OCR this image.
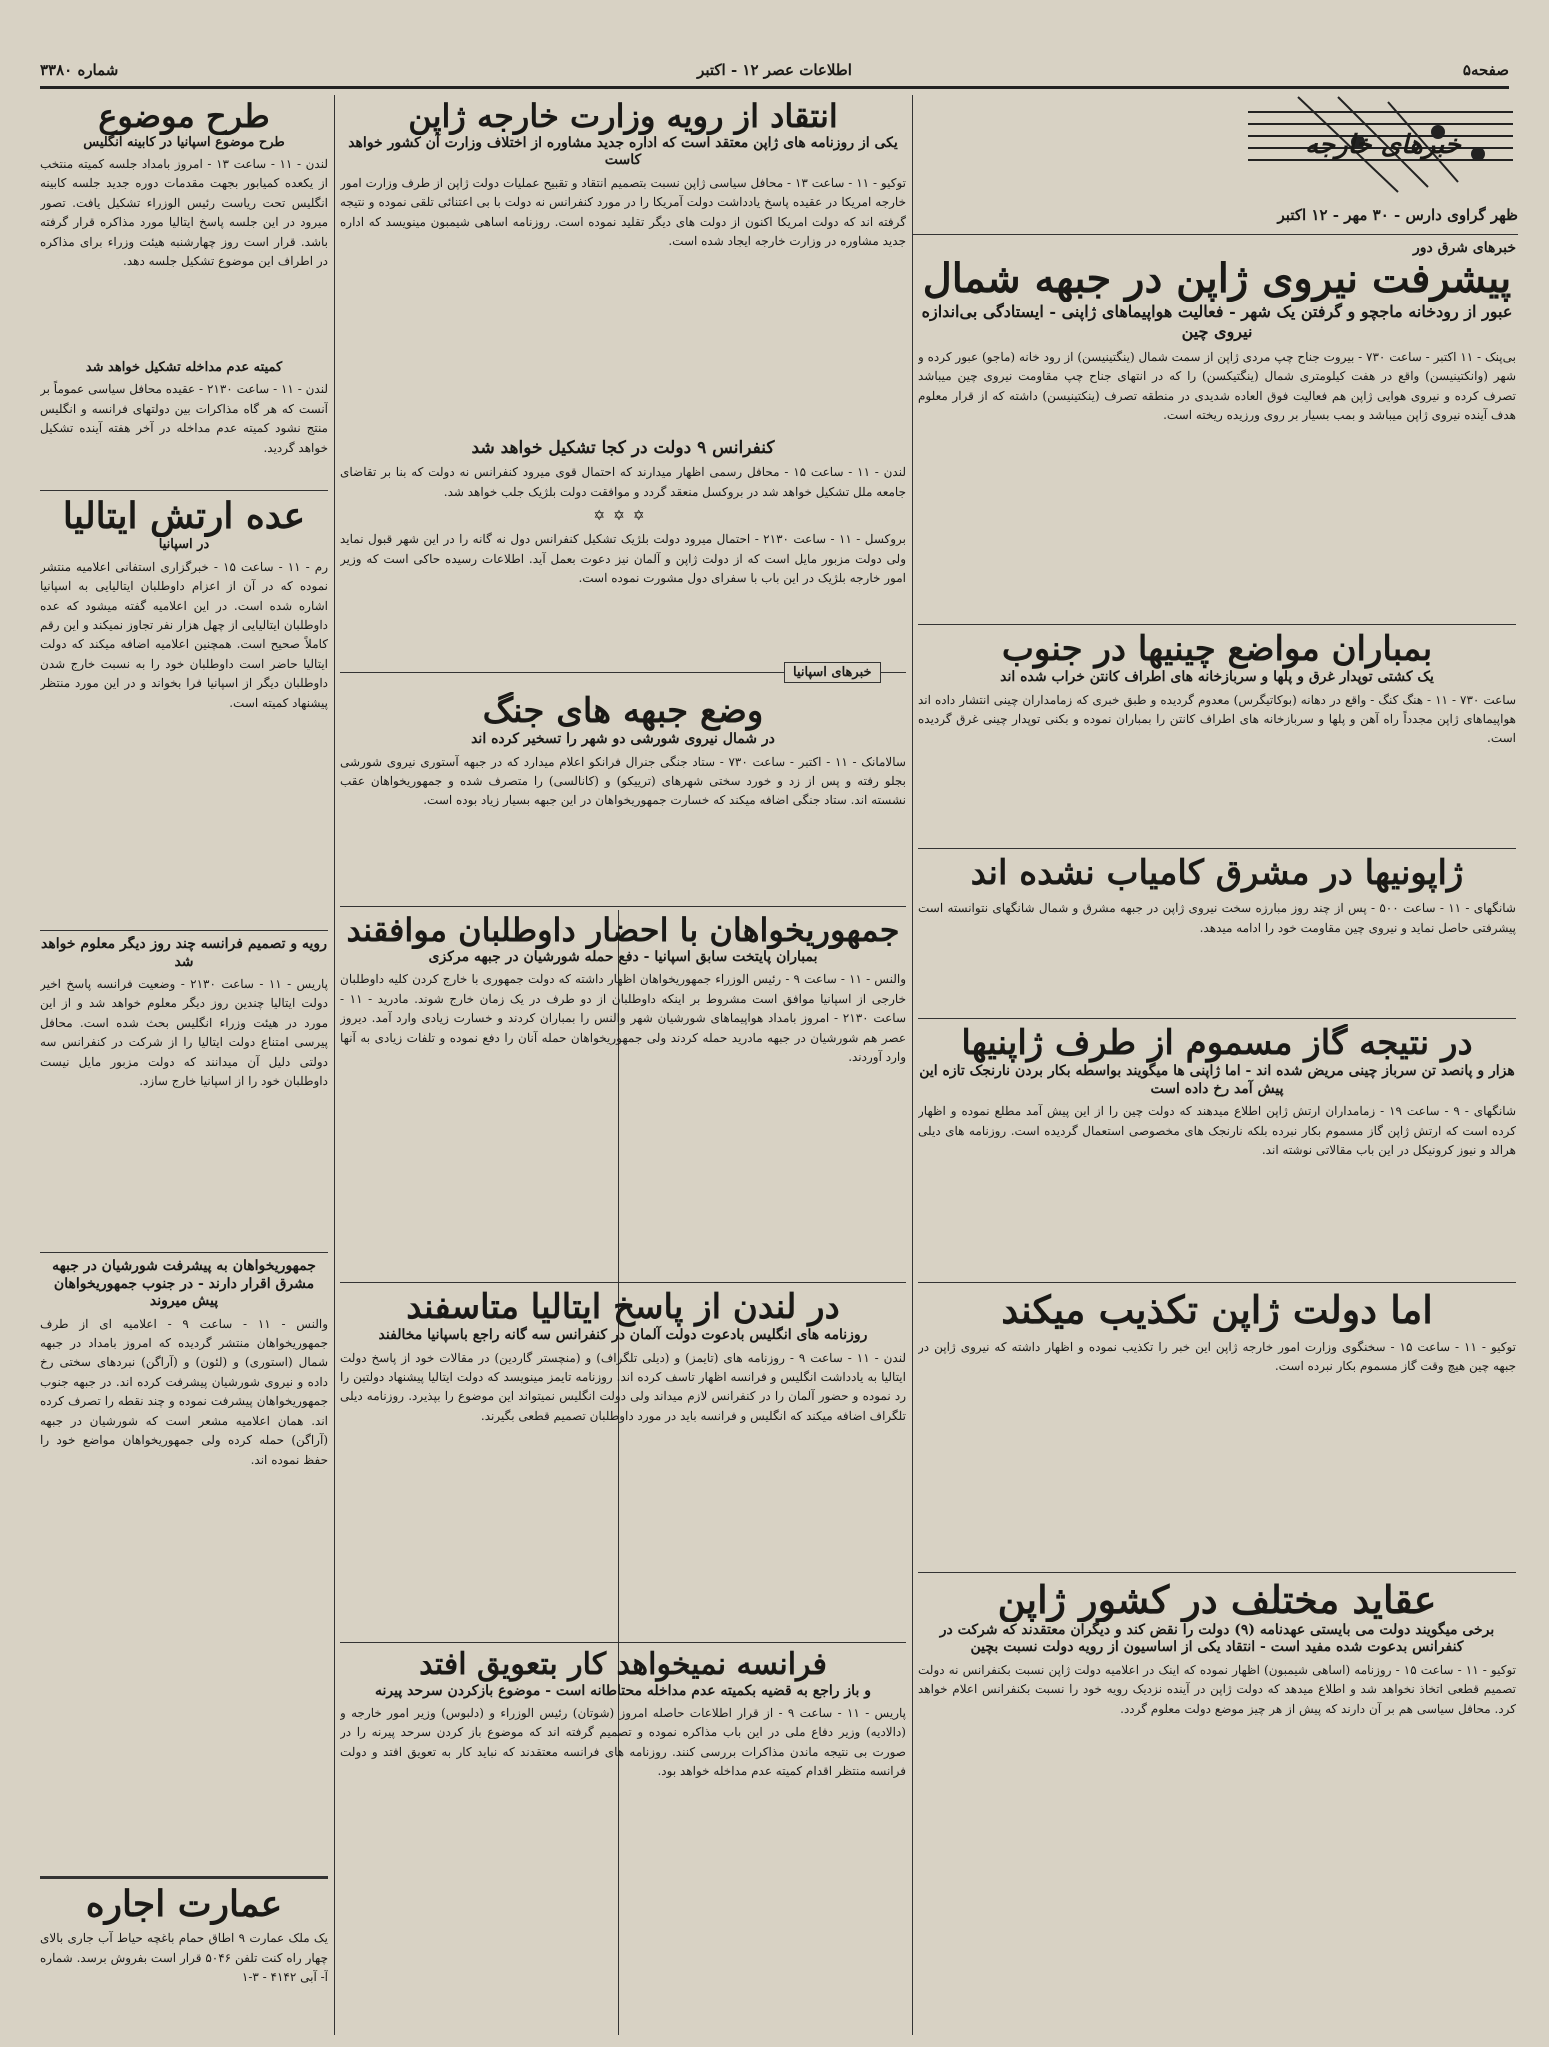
صفحه۵
اطلاعات عصر ۱۲ - اکتبر
شماره ۳۳۸۰
خبرهای خارجه
ظهر گراوی دارس - ۳۰ مهر - ۱۲ اکتبر
خبرهای شرق دور
پیشرفت نیروی ژاپن در جبهه شمال
عبور از رودخانه ماجچو و گرفتن یک شهر - فعالیت هواپیماهای ژاپنی - ایستادگی بی‌اندازه نیروی چین
بی‌پنک - ۱۱ اکتبر - ساعت ۷۳۰ - بیروت جناح چپ مردی ژاپن از سمت شمال (ینگتینیسن) از رود خانه (ماجو) عبور کرده و شهر (وانکتینیسن) واقع در هفت کیلومتری شمال (ینگتیکسن) را که در انتهای جناح چپ مقاومت نیروی چین میباشد تصرف کرده و نیروی هوایی ژاپن هم فعالیت فوق العاده شدیدی در منطقه تصرف (ینکتینیسن) داشته که از قرار معلوم هدف آینده نیروی ژاپن میباشد و بمب بسیار بر روی ورزیده ریخته است.
بمباران مواضع چینیها در جنوب
یک کشتی توپدار غرق و پلها و سربازخانه های اطراف کانتن خراب شده اند
ساعت ۷۳۰ - ۱۱ - هنگ کنگ - واقع در دهانه (بوکاتیگرس) معدوم گردیده و طبق خبری که زمامداران چینی انتشار داده اند هواپیماهای ژاپن مجدداً راه آهن و پلها و سربازخانه های اطراف کانتن را بمباران نموده و بکنی توپدار چینی غرق گردیده است.
ژاپونیها در مشرق کامیاب نشده اند
شانگهای - ۱۱ - ساعت ۵۰۰ - پس از چند روز مبارزه سخت نیروی ژاپن در جبهه مشرق و شمال شانگهای نتوانسته است پیشرفتی حاصل نماید و نیروی چین مقاومت خود را ادامه میدهد.
در نتیجه گاز مسموم از طرف ژاپنیها
هزار و پانصد تن سرباز چینی مریض شده اند - اما ژاپنی ها میگویند بواسطه بکار بردن نارنجک تازه این پیش آمد رخ داده است
شانگهای - ۹ - ساعت ۱۹ - زمامداران ارتش ژاپن اطلاع میدهند که دولت چین را از این پیش آمد مطلع نموده و اظهار کرده است که ارتش ژاپن گاز مسموم بکار نبرده بلکه نارنجک های مخصوصی استعمال گردیده است. روزنامه های دیلی هرالد و نیوز کرونیکل در این باب مقالاتی نوشته اند.
اما دولت ژاپن تکذیب میکند
توکیو - ۱۱ - ساعت ۱۵ - سخنگوی وزارت امور خارجه ژاپن این خبر را تکذیب نموده و اظهار داشته که نیروی ژاپن در جبهه چین هیچ وقت گاز مسموم بکار نبرده است.
عقاید مختلف در کشور ژاپن
برخی میگویند دولت می بایستی عهدنامه (۹) دولت را نقض کند و دیگران معتقدند که شرکت در کنفرانس بدعوت شده مفید است - انتقاد یکی از اساسیون از رویه دولت نسبت بچین
توکیو - ۱۱ - ساعت ۱۵ - روزنامه (اساهی شیمبون) اظهار نموده که اینک در اعلامیه دولت ژاپن نسبت بکنفرانس نه دولت تصمیم قطعی اتخاذ نخواهد شد و اطلاع میدهد که دولت ژاپن در آینده نزدیک رویه خود را نسبت بکنفرانس اعلام خواهد کرد. محافل سیاسی هم بر آن دارند که پیش از هر چیز موضع دولت معلوم گردد.
انتقاد از رویه وزارت خارجه ژاپن
یکی از روزنامه های ژاپن معتقد است که اداره جدید مشاوره از اختلاف وزارت آن کشور خواهد کاست
توکیو - ۱۱ - ساعت ۱۳ - محافل سیاسی ژاپن نسبت بتصمیم انتقاد و تقبیح عملیات دولت ژاپن از طرف وزارت امور خارجه امریکا در عقیده پاسخ یادداشت دولت آمریکا را در مورد کنفرانس نه دولت با بی اعتنائی تلقی نموده و نتیجه گرفته اند که دولت امریکا اکنون از دولت های دیگر تقلید نموده است. روزنامه اساهی شیمبون مینویسد که اداره جدید مشاوره در وزارت خارجه ایجاد شده است.
کنفرانس ۹ دولت در کجا تشکیل خواهد شد
لندن - ۱۱ - ساعت ۱۵ - محافل رسمی اظهار میدارند که احتمال قوی میرود کنفرانس نه دولت که بنا بر تقاضای جامعه ملل تشکیل خواهد شد در بروکسل منعقد گردد و موافقت دولت بلژیک جلب خواهد شد.
✡✡✡
بروکسل - ۱۱ - ساعت ۲۱۳۰ - احتمال میرود دولت بلژیک تشکیل کنفرانس دول نه گانه را در این شهر قبول نماید ولی دولت مزبور مایل است که از دولت ژاپن و آلمان نیز دعوت بعمل آید. اطلاعات رسیده حاکی است که وزیر امور خارجه بلژیک در این باب با سفرای دول مشورت نموده است.
خبرهای اسپانیا
وضع جبهه های جنگ
در شمال نیروی شورشی دو شهر را تسخیر کرده اند
سالامانک - ۱۱ - اکتبر - ساعت ۷۳۰ - ستاد جنگی جنرال فرانکو اعلام میدارد که در جبهه آستوری نیروی شورشی بجلو رفته و پس از زد و خورد سختی شهرهای (ترییکو) و (کانالسی) را متصرف شده و جمهوریخواهان عقب نشسته اند. ستاد جنگی اضافه میکند که خسارت جمهوریخواهان در این جبهه بسیار زیاد بوده است.
جمهوریخواهان با احضار داوطلبان موافقند
بمباران پایتخت سابق اسپانیا - دفع حمله شورشیان در جبهه مرکزی
والنس - ۱۱ - ساعت ۹ - رئیس الوزراء جمهوریخواهان اظهار داشته که دولت جمهوری با خارج کردن کلیه داوطلبان خارجی از اسپانیا موافق است مشروط بر اینکه داوطلبان از دو طرف در یک زمان خارج شوند. مادرید - ۱۱ - ساعت ۲۱۳۰ - امروز بامداد هواپیماهای شورشیان شهر والنس را بمباران کردند و خسارت زیادی وارد آمد. دیروز عصر هم شورشیان در جبهه مادرید حمله کردند ولی جمهوریخواهان حمله آنان را دفع نموده و تلفات زیادی به آنها وارد آوردند.
در لندن از پاسخ ایتالیا متاسفند
روزنامه های انگلیس بادعوت دولت آلمان در کنفرانس سه گانه راجع باسپانیا مخالفند
لندن - ۱۱ - ساعت ۹ - روزنامه های (تایمز) و (دیلی تلگراف) و (منچستر گاردین) در مقالات خود از پاسخ دولت ایتالیا به یادداشت انگلیس و فرانسه اظهار تاسف کرده اند. روزنامه تایمز مینویسد که دولت ایتالیا پیشنهاد دولتین را رد نموده و حضور آلمان را در کنفرانس لازم میداند ولی دولت انگلیس نمیتواند این موضوع را بپذیرد. روزنامه دیلی تلگراف اضافه میکند که انگلیس و فرانسه باید در مورد داوطلبان تصمیم قطعی بگیرند.
فرانسه نمیخواهد کار بتعویق افتد
و باز راجع به قضیه بکمیته عدم مداخله محتاطانه است - موضوع بازکردن سرحد پیرنه
پاریس - ۱۱ - ساعت ۹ - از قرار اطلاعات حاصله امروز (شوتان) رئیس الوزراء و (دلبوس) وزیر امور خارجه و (دالادیه) وزیر دفاع ملی در این باب مذاکره نموده و تصمیم گرفته اند که موضوع باز کردن سرحد پیرنه را در صورت بی نتیجه ماندن مذاکرات بررسی کنند. روزنامه های فرانسه معتقدند که نباید کار به تعویق افتد و دولت فرانسه منتظر اقدام کمیته عدم مداخله خواهد بود.
طرح موضوع
طرح موضوع اسپانیا در کابینه انگلیس
لندن - ۱۱ - ساعت ۱۳ - امروز بامداد جلسه کمیته منتخب از یکعده کمیابور بجهت مقدمات دوره جدید جلسه کابینه انگلیس تحت ریاست رئیس الوزراء تشکیل یافت. تصور میرود در این جلسه پاسخ ایتالیا مورد مذاکره قرار گرفته باشد. قرار است روز چهارشنبه هیئت وزراء برای مذاکره در اطراف این موضوع تشکیل جلسه دهد.
کمیته عدم مداخله تشکیل خواهد شد
لندن - ۱۱ - ساعت ۲۱۳۰ - عقیده محافل سیاسی عموماً بر آنست که هر گاه مذاکرات بین دولتهای فرانسه و انگلیس منتج نشود کمیته عدم مداخله در آخر هفته آینده تشکیل خواهد گردید.
عده ارتش ایتالیا
در اسپانیا
رم - ۱۱ - ساعت ۱۵ - خبرگزاری استفانی اعلامیه منتشر نموده که در آن از اعزام داوطلبان ایتالیایی به اسپانیا اشاره شده است. در این اعلامیه گفته میشود که عده داوطلبان ایتالیایی از چهل هزار نفر تجاوز نمیکند و این رقم کاملاً صحیح است. همچنین اعلامیه اضافه میکند که دولت ایتالیا حاضر است داوطلبان خود را به نسبت خارج شدن داوطلبان دیگر از اسپانیا فرا بخواند و در این مورد منتظر پیشنهاد کمیته است.
رویه و تصمیم فرانسه چند روز دیگر معلوم خواهد شد
پاریس - ۱۱ - ساعت ۲۱۳۰ - وضعیت فرانسه پاسخ اخیر دولت ایتالیا چندین روز دیگر معلوم خواهد شد و از این مورد در هیئت وزراء انگلیس بحث شده است. محافل پیرسی امتناع دولت ایتالیا را از شرکت در کنفرانس سه دولتی دلیل آن میدانند که دولت مزبور مایل نیست داوطلبان خود را از اسپانیا خارج سازد.
جمهوریخواهان به پیشرفت شورشیان در جبهه مشرق اقرار دارند - در جنوب جمهوریخواهان پیش میروند
والنس - ۱۱ - ساعت ۹ - اعلامیه ای از طرف جمهوریخواهان منتشر گردیده که امروز بامداد در جبهه شمال (استوری) و (لئون) و (آراگن) نبردهای سختی رخ داده و نیروی شورشیان پیشرفت کرده اند. در جبهه جنوب جمهوریخواهان پیشرفت نموده و چند نقطه را تصرف کرده اند. همان اعلامیه مشعر است که شورشیان در جبهه (آراگن) حمله کرده ولی جمهوریخواهان مواضع خود را حفظ نموده اند.
عمارت اجاره
یک ملک عمارت ۹ اطاق حمام باغچه حیاط آب جاری بالای چهار راه کنت تلفن ۵۰۴۶ قرار است بفروش برسد. شماره آ- آبی ۴۱۴۲ - ۳-۱
